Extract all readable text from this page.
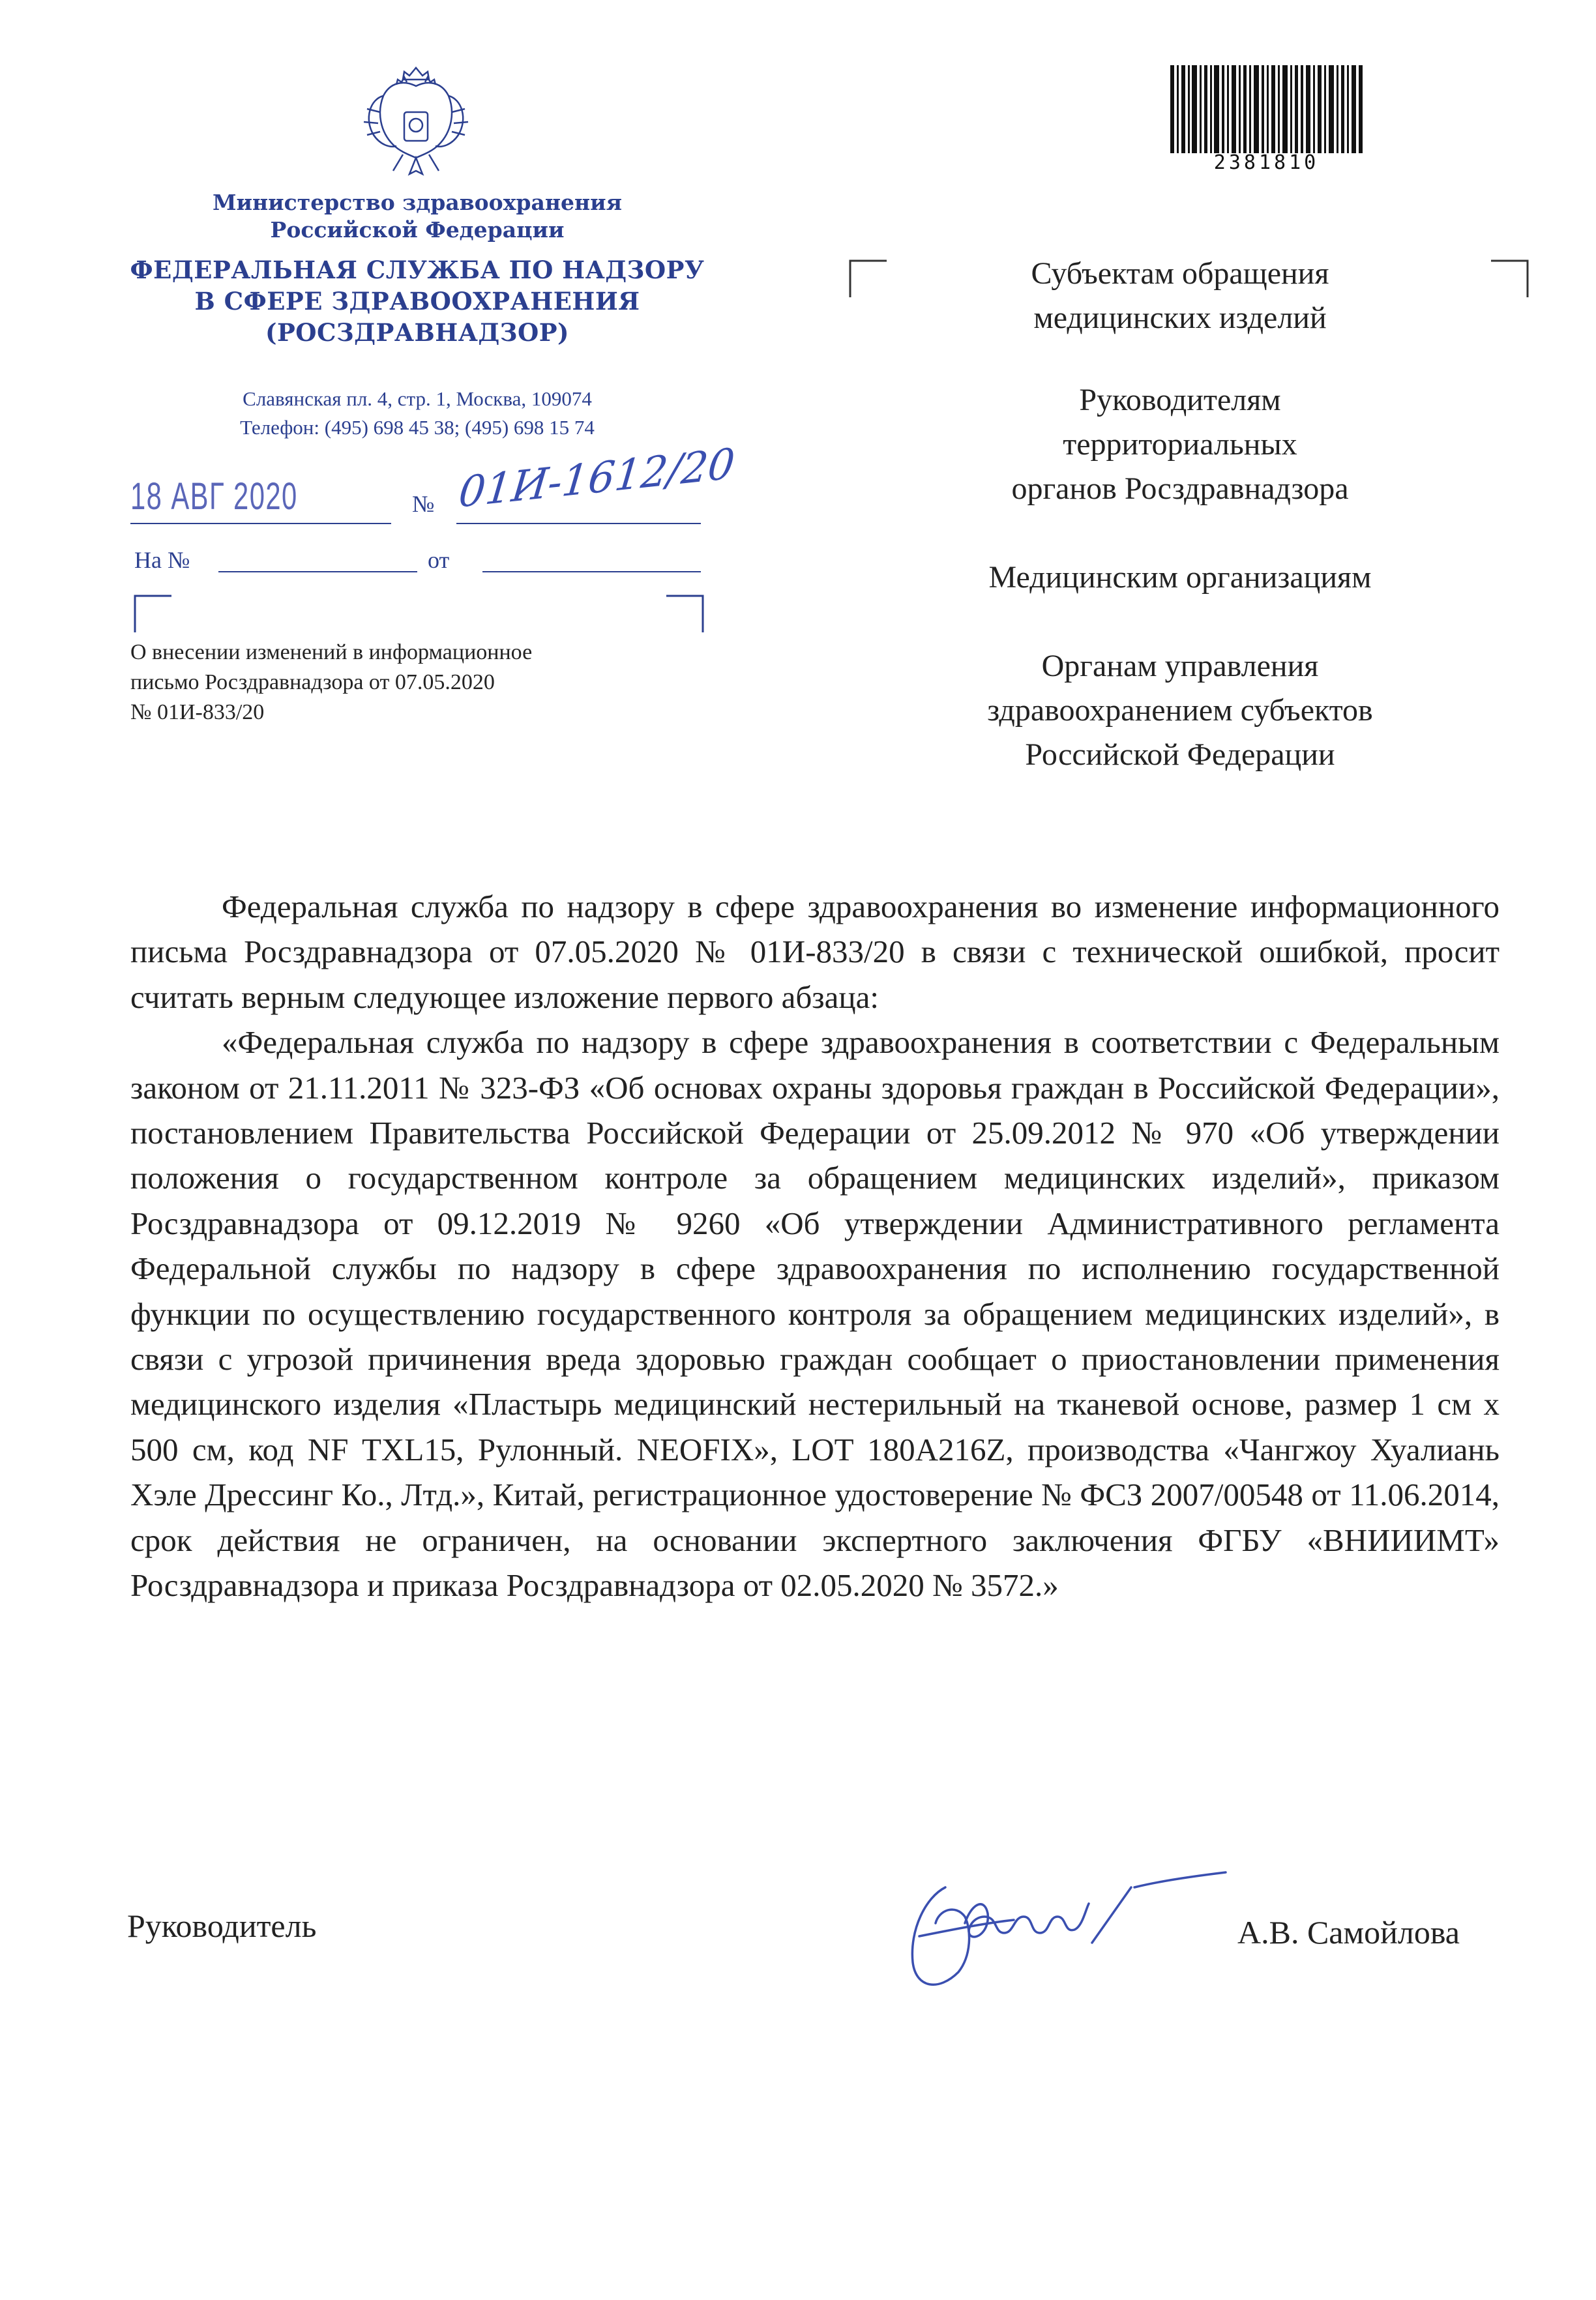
Министерство здравоохранения
Российской Федерации
ФЕДЕРАЛЬНАЯ СЛУЖБА ПО НАДЗОРУ
В СФЕРЕ ЗДРАВООХРАНЕНИЯ
(РОСЗДРАВНАДЗОР)
Славянская пл. 4, стр. 1, Москва, 109074
Телефон: (495) 698 45 38; (495) 698 15 74
18 АВГ 2020	№ 01И-1612/20
На №	от
О внесении изменений в информационное
письмо Росздравнадзора от 07.05.2020
№ 01И-833/20
2381810
Субъектам обращения
медицинских изделий
Руководителям
территориальных
органов Росздравнадзора
Медицинским организациям
Органам управления
здравоохранением субъектов
Российской Федерации

Федеральная служба по надзору в сфере здравоохранения во изменение информационного письма Росздравнадзора от 07.05.2020 № 01И-833/20 в связи с технической ошибкой, просит считать верным следующее изложение первого абзаца:

«Федеральная служба по надзору в сфере здравоохранения в соответствии с Федеральным законом от 21.11.2011 № 323-ФЗ «Об основах охраны здоровья граждан в Российской Федерации», постановлением Правительства Российской Федерации от 25.09.2012 № 970 «Об утверждении положения о государственном контроле за обращением медицинских изделий», приказом Росздравнадзора от 09.12.2019 № 9260 «Об утверждении Административного регламента Федеральной службы по надзору в сфере здравоохранения по исполнению государственной функции по осуществлению государственного контроля за обращением медицинских изделий», в связи с угрозой причинения вреда здоровью граждан сообщает о приостановлении применения медицинского изделия «Пластырь медицинский нестерильный на тканевой основе, размер 1 см х 500 см, код NF TXL15, Рулонный. NEOFIX», LOT 180A216Z, производства «Чангжоу Хуалиань Хэле Дрессинг Ко., Лтд.», Китай, регистрационное удостоверение № ФСЗ 2007/00548 от 11.06.2014, срок действия не ограничен, на основании экспертного заключения ФГБУ «ВНИИИМТ» Росздравнадзора и приказа Росздравнадзора от 02.05.2020 № 3572.»

Руководитель	А.В. Самойлова
